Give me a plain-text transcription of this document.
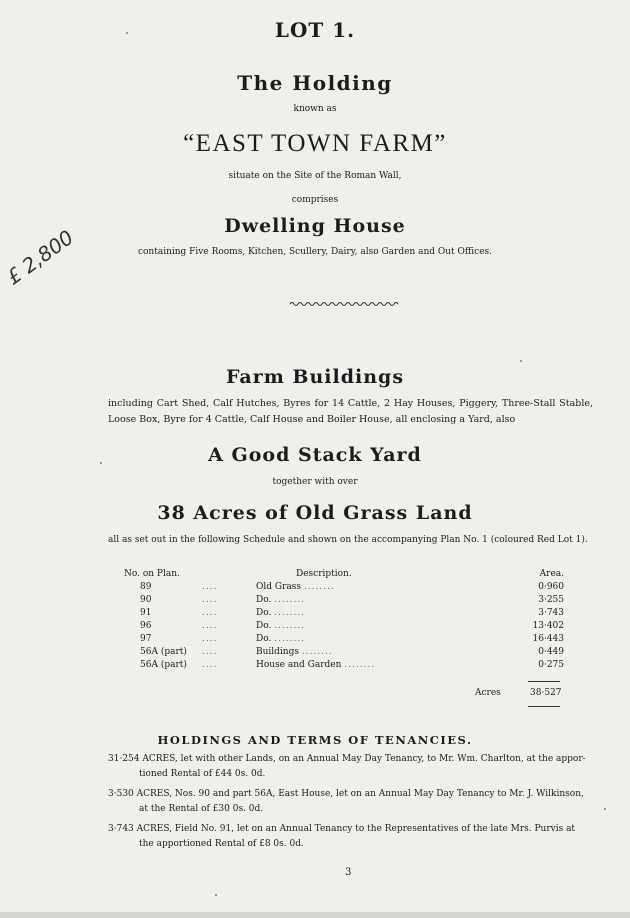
LOT 1.
The Holding
known as
“EAST TOWN FARM”
situate on the Site of the Roman Wall,
comprises
Dwelling House
containing Five Rooms, Kitchen, Scullery, Dairy, also Garden and Out Offices.
£ 2,800
Farm Buildings
including Cart Shed, Calf Hutches, Byres for 14 Cattle, 2 Hay Houses, Piggery, Three-Stall Stable, Loose Box, Byre for 4 Cattle, Calf House and Boiler House, all enclosing a Yard, also
A Good Stack Yard
together with over
38 Acres of Old Grass Land
all as set out in the following Schedule and shown on the accompanying Plan No. 1 (coloured Red Lot 1).
No. on Plan.		Description.	Area.
89	....	Old Grass ........	0·960
90	....	Do. ........	3·255
91	....	Do. ........	3·743
96	....	Do. ........	13·402
97	....	Do. ........	16·443
56A (part)	....	Buildings ........	0·449
56A (part)	....	House and Garden ........	0·275
Acres	38·527
HOLDINGS AND TERMS OF TENANCIES.
31·254 ACRES, let with other Lands, on an Annual May Day Tenancy, to Mr. Wm. Charlton, at the appor-
tioned Rental of £44 0s. 0d.
3·530 ACRES, Nos. 90 and part 56A, East House, let on an Annual May Day Tenancy to Mr. J. Wilkinson,
at the Rental of £30 0s. 0d.
3·743 ACRES, Field No. 91, let on an Annual Tenancy to the Representatives of the late Mrs. Purvis at
the apportioned Rental of £8 0s. 0d.
3
